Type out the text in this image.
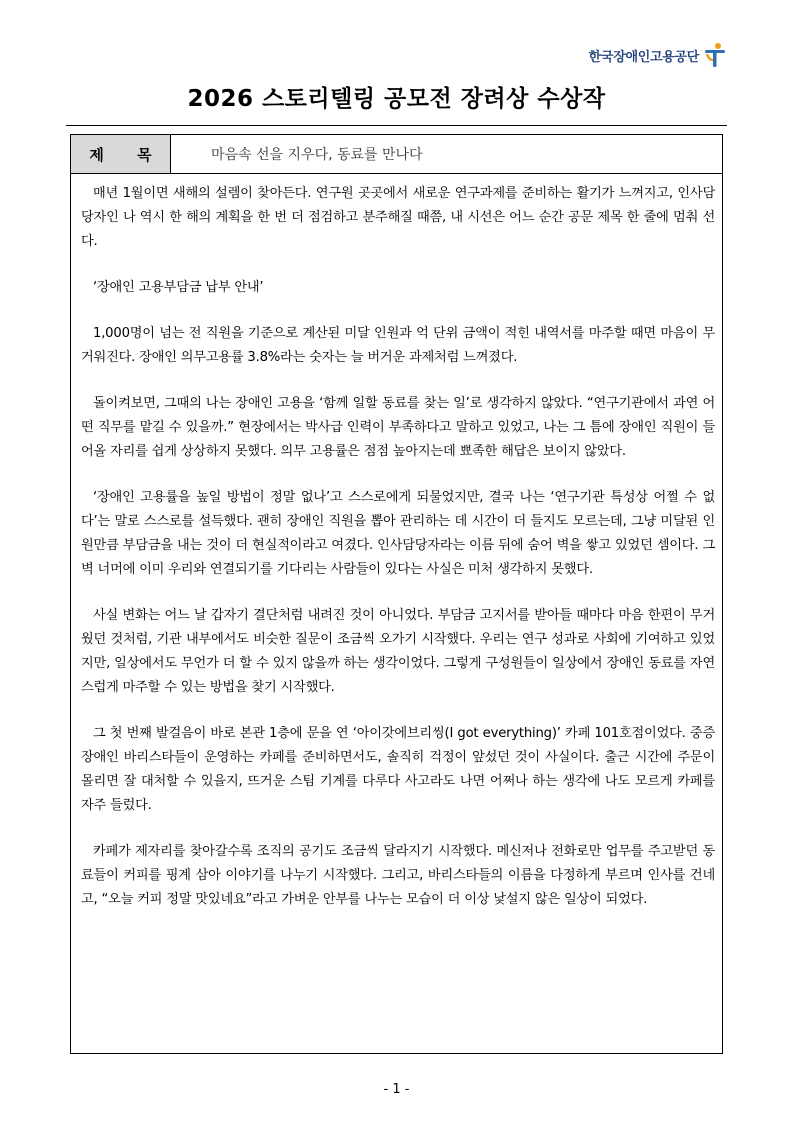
한국장애인고용공단
2026 스토리텔링 공모전 장려상 수상작
제 목	마음속 선을 지우다, 동료를 만나다

매년 1월이면 새해의 설렘이 찾아든다. 연구원 곳곳에서 새로운 연구과제를 준비하는 활기가 느껴지고, 인사담당자인 나 역시 한 해의 계획을 한 번 더 점검하고 분주해질 때쯤, 내 시선은 어느 순간 공문 제목 한 줄에 멈춰 선다.

‘장애인 고용부담금 납부 안내’

1,000명이 넘는 전 직원을 기준으로 계산된 미달 인원과 억 단위 금액이 적힌 내역서를 마주할 때면 마음이 무거워진다. 장애인 의무고용률 3.8%라는 숫자는 늘 버거운 과제처럼 느껴졌다.

돌이켜보면, 그때의 나는 장애인 고용을 ‘함께 일할 동료를 찾는 일’로 생각하지 않았다. “연구기관에서 과연 어떤 직무를 맡길 수 있을까.” 현장에서는 박사급 인력이 부족하다고 말하고 있었고, 나는 그 틈에 장애인 직원이 들어올 자리를 쉽게 상상하지 못했다. 의무 고용률은 점점 높아지는데 뾰족한 해답은 보이지 않았다.

‘장애인 고용률을 높일 방법이 정말 없나’고 스스로에게 되물었지만, 결국 나는 ‘연구기관 특성상 어쩔 수 없다’는 말로 스스로를 설득했다. 괜히 장애인 직원을 뽑아 관리하는 데 시간이 더 들지도 모르는데, 그냥 미달된 인원만큼 부담금을 내는 것이 더 현실적이라고 여겼다. 인사담당자라는 이름 뒤에 숨어 벽을 쌓고 있었던 셈이다. 그 벽 너머에 이미 우리와 연결되기를 기다리는 사람들이 있다는 사실은 미처 생각하지 못했다.

사실 변화는 어느 날 갑자기 결단처럼 내려진 것이 아니었다. 부담금 고지서를 받아들 때마다 마음 한편이 무거웠던 것처럼, 기관 내부에서도 비슷한 질문이 조금씩 오가기 시작했다. 우리는 연구 성과로 사회에 기여하고 있었지만, 일상에서도 무언가 더 할 수 있지 않을까 하는 생각이었다. 그렇게 구성원들이 일상에서 장애인 동료를 자연스럽게 마주할 수 있는 방법을 찾기 시작했다.

그 첫 번째 발걸음이 바로 본관 1층에 문을 연 ‘아이갓에브리씽(I got everything)’ 카페 101호점이었다. 중증장애인 바리스타들이 운영하는 카페를 준비하면서도, 솔직히 걱정이 앞섰던 것이 사실이다. 출근 시간에 주문이 몰리면 잘 대처할 수 있을지, 뜨거운 스팀 기계를 다루다 사고라도 나면 어쩌나 하는 생각에 나도 모르게 카페를 자주 들렀다.

카페가 제자리를 찾아갈수록 조직의 공기도 조금씩 달라지기 시작했다. 메신저나 전화로만 업무를 주고받던 동료들이 커피를 핑계 삼아 이야기를 나누기 시작했다. 그리고, 바리스타들의 이름을 다정하게 부르며 인사를 건네고, “오늘 커피 정말 맛있네요”라고 가벼운 안부를 나누는 모습이 더 이상 낯설지 않은 일상이 되었다.

- 1 -
